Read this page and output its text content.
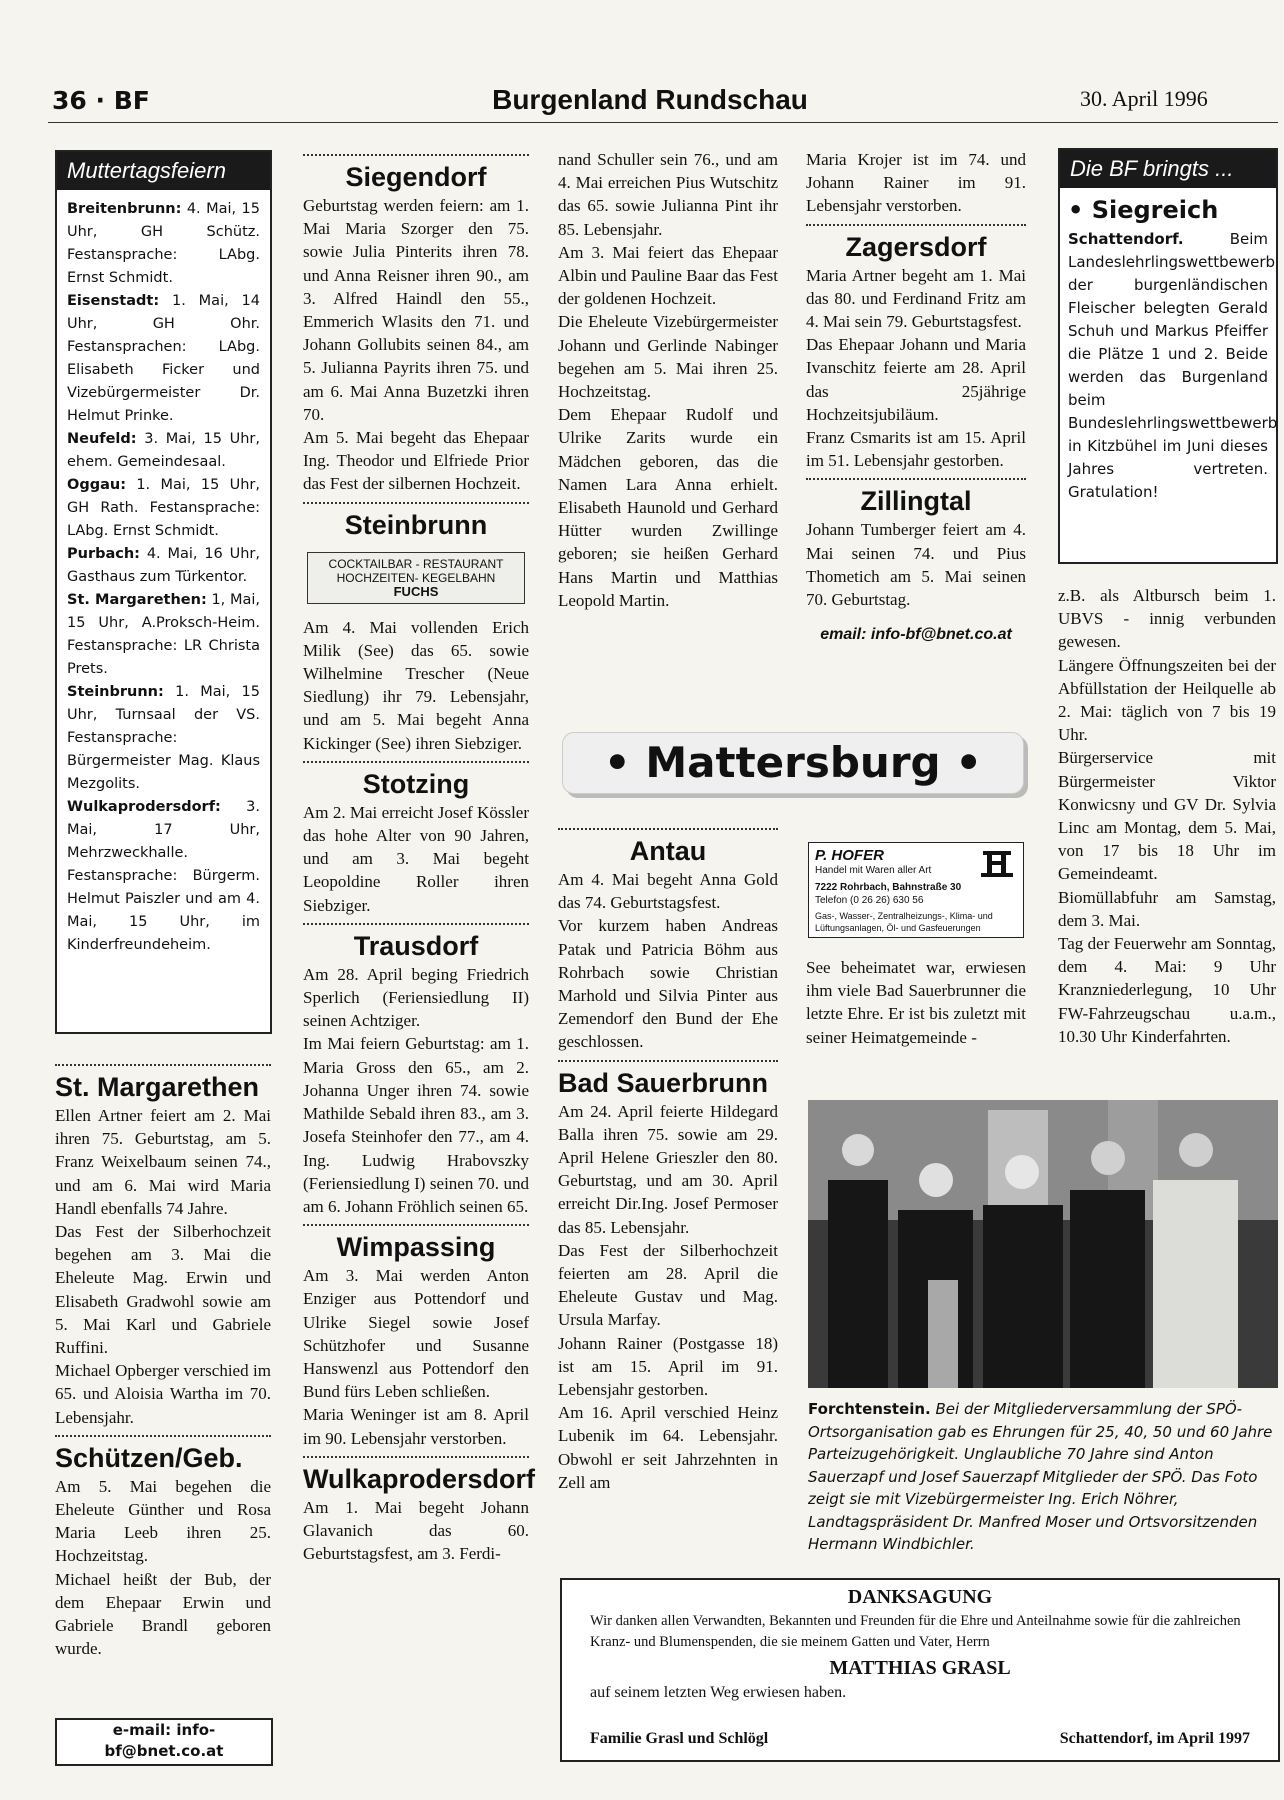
36 · BF	Burgenland Rundschau	30. April 1996
Muttertagsfeiern
Breitenbrunn: 4. Mai, 15 Uhr, GH Schütz. Festansprache: LAbg. Ernst Schmidt.
Eisenstadt: 1. Mai, 14 Uhr, GH Ohr. Festansprachen: LAbg. Elisabeth Ficker und Vizebürgermeister Dr. Helmut Prinke.
Neufeld: 3. Mai, 15 Uhr, ehem. Gemeindesaal.
Oggau: 1. Mai, 15 Uhr, GH Rath. Festansprache: LAbg. Ernst Schmidt.
Purbach: 4. Mai, 16 Uhr, Gasthaus zum Türkentor.
St. Margarethen: 1, Mai, 15 Uhr, A.Proksch-Heim. Festansprache: LR Christa Prets.
Steinbrunn: 1. Mai, 15 Uhr, Turnsaal der VS. Festansprache: Bürgermeister Mag. Klaus Mezgolits.
Wulkaprodersdorf: 3. Mai, 17 Uhr, Mehrzweckhalle. Festansprache: Bürgerm. Helmut Paiszler und am 4. Mai, 15 Uhr, im Kinderfreundeheim.
St. Margarethen

Ellen Artner feiert am 2. Mai ihren 75. Geburtstag, am 5. Franz Weixelbaum seinen 74., und am 6. Mai wird Maria Handl ebenfalls 74 Jahre.

Das Fest der Silberhochzeit begehen am 3. Mai die Eheleute Mag. Erwin und Elisabeth Gradwohl sowie am 5. Mai Karl und Gabriele Ruffini.

Michael Opberger verschied im 65. und Aloisia Wartha im 70. Lebensjahr.

Schützen/Geb.

Am 5. Mai begehen die Eheleute Günther und Rosa Maria Leeb ihren 25. Hochzeitstag.

Michael heißt der Bub, der dem Ehepaar Erwin und Gabriele Brandl geboren wurde.

e-mail: info-bf@bnet.co.at
Siegendorf

Geburtstag werden feiern: am 1. Mai Maria Szorger den 75. sowie Julia Pinterits ihren 78. und Anna Reisner ihren 90., am 3. Alfred Haindl den 55., Emmerich Wlasits den 71. und Johann Gollubits seinen 84., am 5. Julianna Payrits ihren 75. und am 6. Mai Anna Buzetzki ihren 70.

Am 5. Mai begeht das Ehepaar Ing. Theodor und Elfriede Prior das Fest der silbernen Hochzeit.

Steinbrunn
COCKTAILBAR - RESTAURANT
HOCHZEITEN- KEGELBAHN
FUCHS

Am 4. Mai vollenden Erich Milik (See) das 65. sowie Wilhelmine Trescher (Neue Siedlung) ihr 79. Lebensjahr, und am 5. Mai begeht Anna Kickinger (See) ihren Siebziger.

Stotzing

Am 2. Mai erreicht Josef Kössler das hohe Alter von 90 Jahren, und am 3. Mai begeht Leopoldine Roller ihren Siebziger.

Trausdorf

Am 28. April beging Friedrich Sperlich (Feriensiedlung II) seinen Achtziger.

Im Mai feiern Geburtstag: am 1. Maria Gross den 65., am 2. Johanna Unger ihren 74. sowie Mathilde Sebald ihren 83., am 3. Josefa Steinhofer den 77., am 4. Ing. Ludwig Hrabovszky (Feriensiedlung I) seinen 70. und am 6. Johann Fröhlich seinen 65.

Wimpassing

Am 3. Mai werden Anton Enziger aus Pottendorf und Ulrike Siegel sowie Josef Schützhofer und Susanne Hanswenzl aus Pottendorf den Bund fürs Leben schließen.

Maria Weninger ist am 8. April im 90. Lebensjahr verstorben.

Wulkaprodersdorf

Am 1. Mai begeht Johann Glavanich das 60. Geburtstagsfest, am 3. Ferdi-

nand Schuller sein 76., und am 4. Mai erreichen Pius Wutschitz das 65. sowie Julianna Pint ihr 85. Lebensjahr.

Am 3. Mai feiert das Ehepaar Albin und Pauline Baar das Fest der goldenen Hochzeit.

Die Eheleute Vizebürgermeister Johann und Gerlinde Nabinger begehen am 5. Mai ihren 25. Hochzeitstag.

Dem Ehepaar Rudolf und Ulrike Zarits wurde ein Mädchen geboren, das die Namen Lara Anna erhielt. Elisabeth Haunold und Gerhard Hütter wurden Zwillinge geboren; sie heißen Gerhard Hans Martin und Matthias Leopold Martin.

Maria Krojer ist im 74. und Johann Rainer im 91. Lebensjahr verstorben.

Zagersdorf

Maria Artner begeht am 1. Mai das 80. und Ferdinand Fritz am 4. Mai sein 79. Geburtstagsfest.

Das Ehepaar Johann und Maria Ivanschitz feierte am 28. April das 25jährige Hochzeitsjubiläum.

Franz Csmarits ist am 15. April im 51. Lebensjahr gestorben.

Zillingtal

Johann Tumberger feiert am 4. Mai seinen 74. und Pius Thometich am 5. Mai seinen 70. Geburtstag.

email: info-bf@bnet.co.at
Die BF bringts ...
• Siegreich
Schattendorf.	Beim Landeslehrlingswettbewerb der burgenländischen Fleischer belegten Gerald Schuh und Markus Pfeiffer die Plätze 1 und 2. Beide werden das Burgenland beim Bundeslehrlingswettbewerb in Kitzbühel im Juni dieses Jahres vertreten. Gratulation!

z.B. als Altbursch beim 1. UBVS - innig verbunden gewesen.

Längere Öffnungszeiten bei der Abfüllstation der Heilquelle ab 2. Mai: täglich von 7 bis 19 Uhr.

Bürgerservice mit Bürgermeister Viktor Konwicsny und GV Dr. Sylvia Linc am Montag, dem 5. Mai, von 17 bis 18 Uhr im Gemeindeamt.

Biomüllabfuhr am Samstag, dem 3. Mai.

Tag der Feuerwehr am Sonntag, dem 4. Mai: 9 Uhr Kranzniederlegung, 10 Uhr FW-Fahrzeugschau u.a.m., 10.30 Uhr Kinderfahrten.

• Mattersburg •
Antau

Am 4. Mai begeht Anna Gold das 74. Geburtstagsfest.

Vor kurzem haben Andreas Patak und Patricia Böhm aus Rohrbach sowie Christian Marhold und Silvia Pinter aus Zemendorf den Bund der Ehe geschlossen.

Bad Sauerbrunn

Am 24. April feierte Hildegard Balla ihren 75. sowie am 29. April Helene Grieszler den 80. Geburtstag, und am 30. April erreicht Dir.Ing. Josef Permoser das 85. Lebensjahr.

Das Fest der Silberhochzeit feierten am 28. April die Eheleute Gustav und Mag. Ursula Marfay.

Johann Rainer (Postgasse 18) ist am 15. April im 91. Lebensjahr gestorben.

Am 16. April verschied Heinz Lubenik im 64. Lebensjahr. Obwohl er seit Jahrzehnten in Zell am

P. HOFER
Handel mit Waren aller Art
7222 Rohrbach, Bahnstraße 30
Telefon (0 26 26) 630 56
Gas-, Wasser-, Zentralheizungs-, Klima- und Lüftungsanlagen, Öl- und Gasfeuerungen

See beheimatet war, erwiesen ihm viele Bad Sauerbrunner die letzte Ehre. Er ist bis zuletzt mit seiner Heimatgemeinde -

Forchtenstein. Bei der Mitgliederversammlung der SPÖ-Ortsorganisation gab es Ehrungen für 25, 40, 50 und 60 Jahre Parteizugehörigkeit. Unglaubliche 70 Jahre sind Anton Sauerzapf und Josef Sauerzapf Mitglieder der SPÖ. Das Foto zeigt sie mit Vizebürgermeister Ing. Erich Nöhrer, Landtagspräsident Dr. Manfred Moser und Ortsvorsitzenden Hermann Windbichler.
DANKSAGUNG
Wir danken allen Verwandten, Bekannten und Freunden für die Ehre und Anteilnahme sowie für die zahlreichen Kranz- und Blumenspenden, die sie meinem Gatten und Vater, Herrn
MATTHIAS GRASL
auf seinem letzten Weg erwiesen haben.
Familie Grasl und Schlögl	Schattendorf, im April 1997
